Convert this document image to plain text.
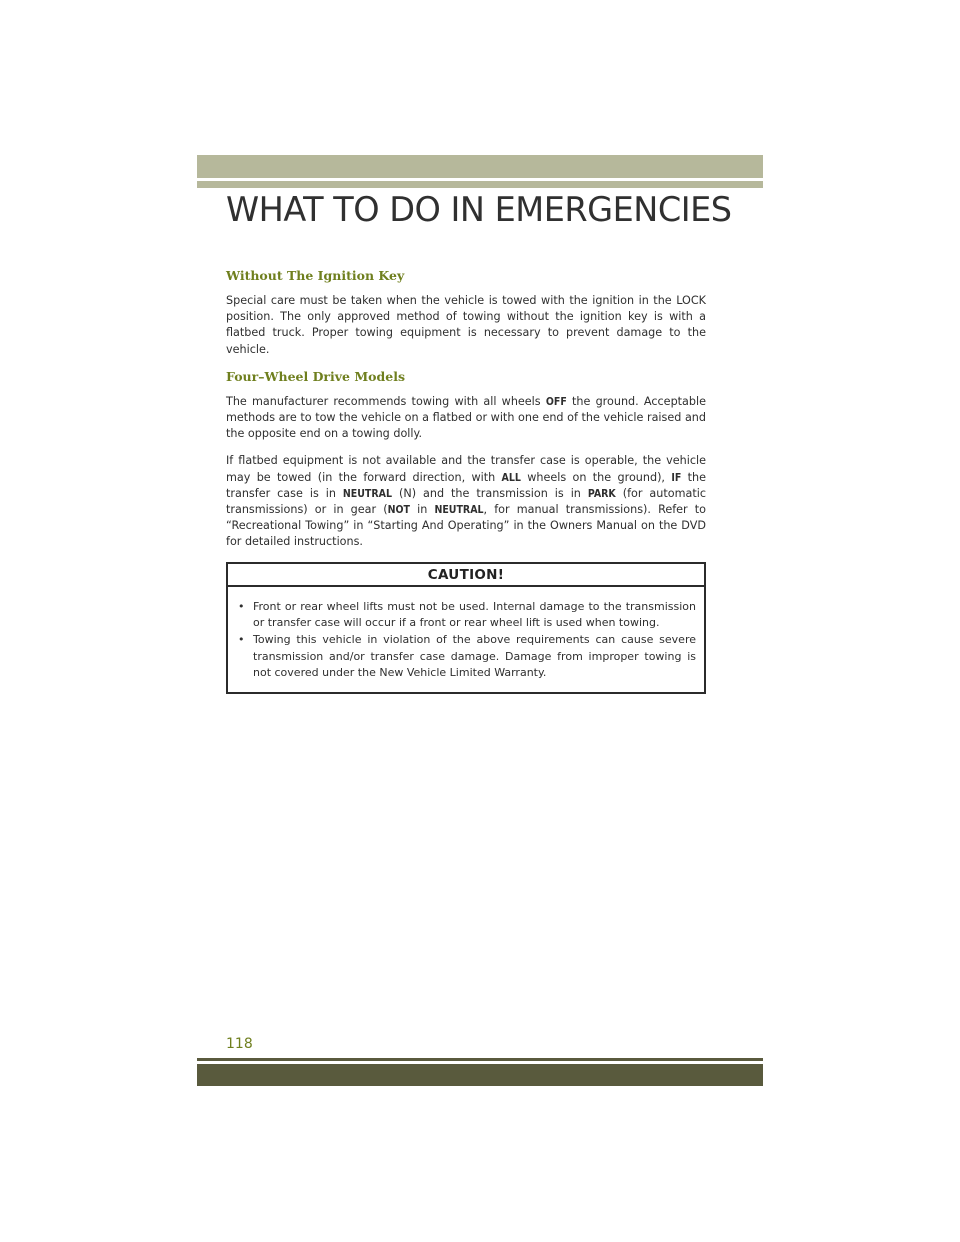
WHAT TO DO IN EMERGENCIES
Without The Ignition Key

Special care must be taken when the vehicle is towed with the ignition in the LOCK position. The only approved method of towing without the ignition key is with a flatbed truck. Proper towing equipment is necessary to prevent damage to the vehicle.

Four–Wheel Drive Models

The manufacturer recommends towing with all wheels OFF the ground. Acceptable methods are to tow the vehicle on a flatbed or with one end of the vehicle raised and the opposite end on a towing dolly.

If flatbed equipment is not available and the transfer case is operable, the vehicle may be towed (in the forward direction, with ALL wheels on the ground), IF the transfer case is in NEUTRAL (N) and the transmission is in PARK (for automatic transmissions) or in gear (NOT in NEUTRAL, for manual transmissions). Refer to “Recreational Towing” in “Starting And Operating” in the Owners Manual on the DVD for detailed instructions.

CAUTION!
• Front or rear wheel lifts must not be used. Internal damage to the transmission or transfer case will occur if a front or rear wheel lift is used when towing.
• Towing this vehicle in violation of the above requirements can cause severe transmission and/or transfer case damage. Damage from improper towing is not covered under the New Vehicle Limited Warranty.
118
